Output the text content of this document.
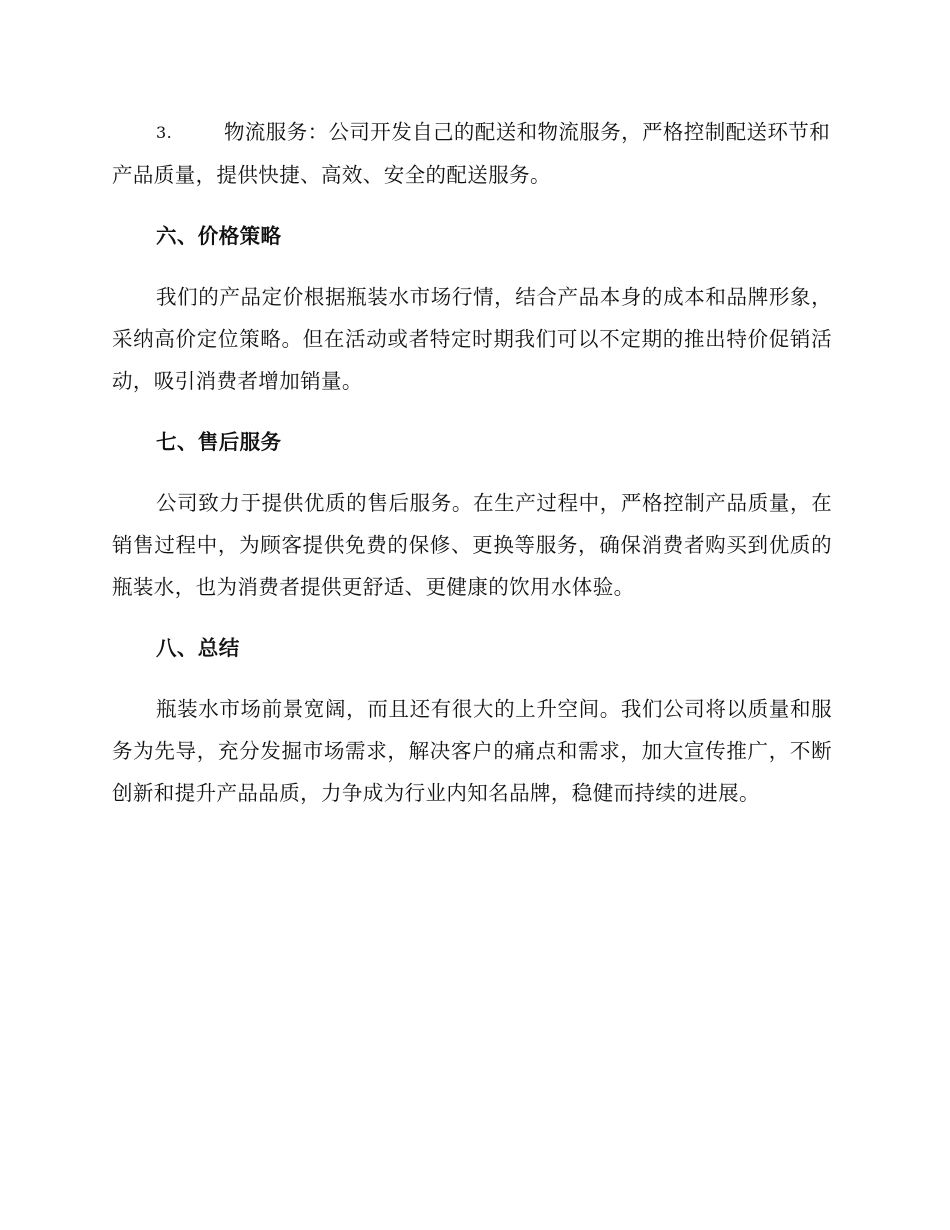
3.	物流服务：公司开发自己的配送和物流服务，严格控制配送环节和产品质量，提供快捷、高效、安全的配送服务。

六、价格策略

我们的产品定价根据瓶装水市场行情，结合产品本身的成本和品牌形象，采纳高价定位策略。但在活动或者特定时期我们可以不定期的推出特价促销活动，吸引消费者增加销量。

七、售后服务

公司致力于提供优质的售后服务。在生产过程中，严格控制产品质量，在销售过程中，为顾客提供免费的保修、更换等服务，确保消费者购买到优质的瓶装水，也为消费者提供更舒适、更健康的饮用水体验。

八、总结

瓶装水市场前景宽阔，而且还有很大的上升空间。我们公司将以质量和服务为先导，充分发掘市场需求，解决客户的痛点和需求，加大宣传推广，不断创新和提升产品品质，力争成为行业内知名品牌，稳健而持续的进展。
